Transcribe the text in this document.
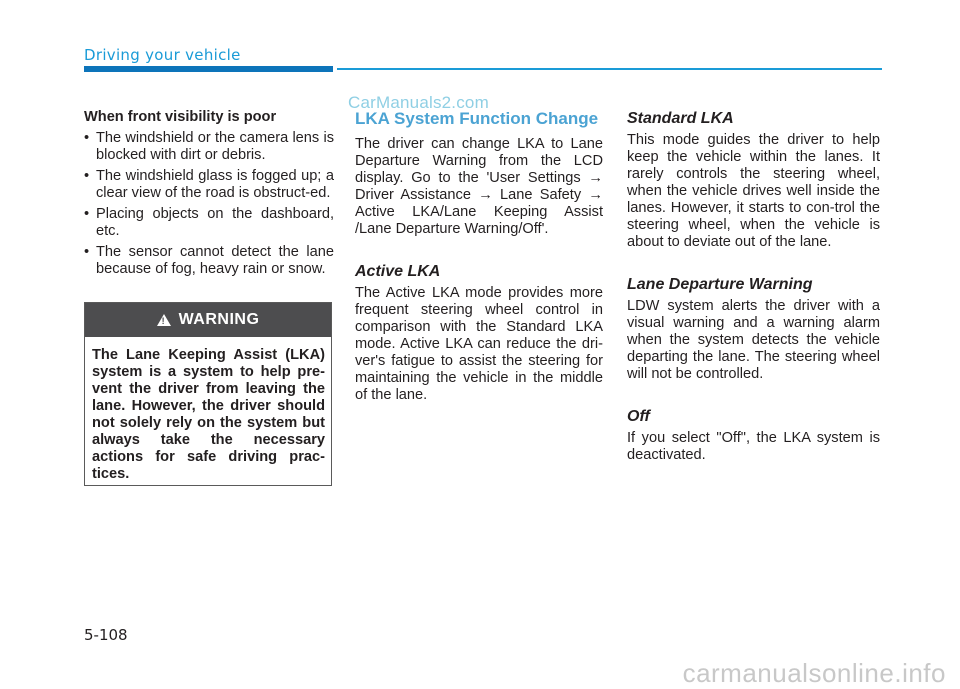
Driving your vehicle
CarManuals2.com

When front visibility is poor

• The windshield or the camera lens is blocked with dirt or debris.
• The windshield glass is fogged up; a clear view of the road is obstruct-ed.
• Placing objects on the dashboard, etc.
• The sensor cannot detect the lane because of fog, heavy rain or snow.
! WARNING
The Lane Keeping Assist (LKA) system is a system to help pre-vent the driver from leaving the lane. However, the driver should not solely rely on the system but always take the necessary actions for safe driving prac-tices.
LKA System Function Change

The driver can change LKA to Lane Departure Warning from the LCD display. Go to the 'User Settings → Driver Assistance → Lane Safety → Active LKA/Lane Keeping Assist /Lane Departure Warning/Off'.

Active LKA

The Active LKA mode provides more frequent steering wheel control in comparison with the Standard LKA mode. Active LKA can reduce the dri-ver's fatigue to assist the steering for maintaining the vehicle in the middle of the lane.

Standard LKA

This mode guides the driver to help keep the vehicle within the lanes. It rarely controls the steering wheel, when the vehicle drives well inside the lanes. However, it starts to con-trol the steering wheel, when the vehicle is about to deviate out of the lane.

Lane Departure Warning

LDW system alerts the driver with a visual warning and a warning alarm when the system detects the vehicle departing the lane. The steering wheel will not be controlled.

Off

If you select "Off", the LKA system is deactivated.

5-108
carmanualsonline.info
